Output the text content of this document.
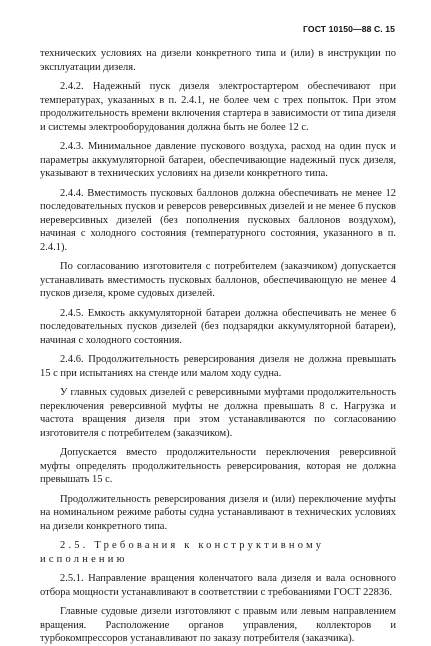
ГОСТ 10150—88 С. 15

технических условиях на дизели конкретного типа и (или) в инструкции по эксплуатации дизеля.

2.4.2. Надежный пуск дизеля электростартером обеспечивают при температурах, указанных в п. 2.4.1, не более чем с трех попыток. При этом продолжительность времени включения стартера в зависимости от типа дизеля и системы электрооборудования должна быть не более 12 с.

2.4.3. Минимальное давление пускового воздуха, расход на один пуск и параметры аккумуляторной батареи, обеспечивающие надежный пуск дизеля, указывают в технических условиях на дизели конкретного типа.

2.4.4. Вместимость пусковых баллонов должна обеспечивать не менее 12 последовательных пусков и реверсов реверсивных дизелей и не менее 6 пусков нереверсивных дизелей (без пополнения пусковых баллонов воздухом), начиная с холодного состояния (температурного состояния, указанного в п. 2.4.1).

По согласованию изготовителя с потребителем (заказчиком) допускается устанавливать вместимость пусковых баллонов, обеспечивающую не менее 4 пусков дизеля, кроме судовых дизелей.

2.4.5. Емкость аккумуляторной батареи должна обеспечивать не менее 6 последовательных пусков дизелей (без подзарядки аккумуляторной батареи), начиная с холодного состояния.

2.4.6. Продолжительность реверсирования дизеля не должна превышать 15 с при испытаниях на стенде или малом ходу судна.

У главных судовых дизелей с реверсивными муфтами продолжительность переключения реверсивной муфты не должна превышать 8 с. Нагрузка и частота вращения дизеля при этом устанавливаются по согласованию изготовителя с потребителем (заказчиком).

Допускается вместо продолжительности переключения реверсивной муфты определять продолжительность реверсирования, которая не должна превышать 15 с.

Продолжительность реверсирования дизеля и (или) переключение муфты на номинальном режиме работы судна устанавливают в технических условиях на дизели конкретного типа.

2.5. Требования к конструктивному исполнению

2.5.1. Направление вращения коленчатого вала дизеля и вала основного отбора мощности устанавливают в соответствии с требованиями ГОСТ 22836.

Главные судовые дизели изготовляют с правым или левым направлением вращения. Расположение органов управления, коллекторов и турбокомпрессоров устанавливают по заказу потребителя (заказчика).
